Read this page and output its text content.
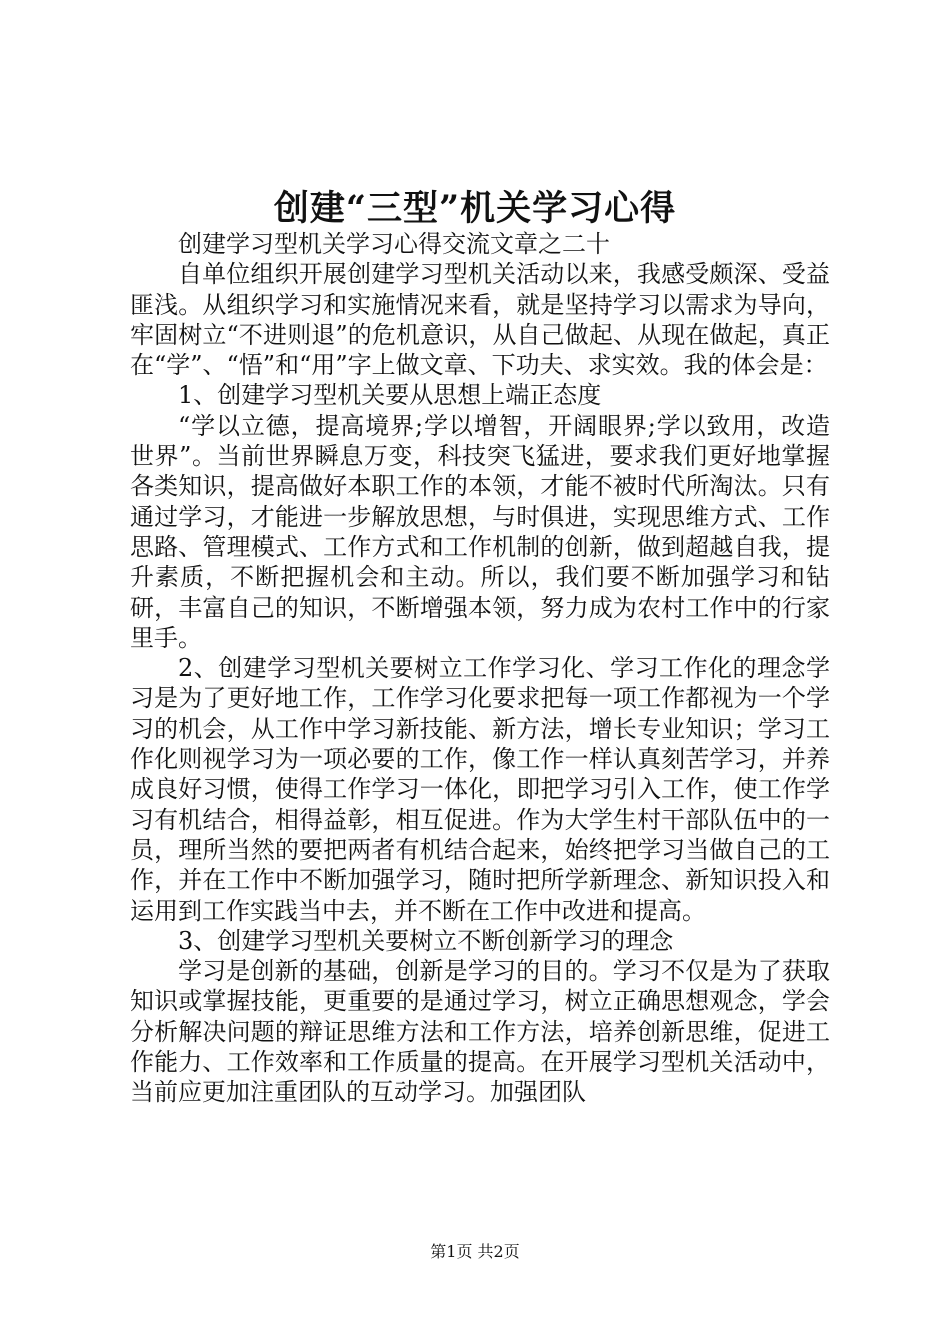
创建“三型”机关学习心得

创建学习型机关学习心得交流文章之二十

自单位组织开展创建学习型机关活动以来，我感受颇深、受益匪浅。从组织学习和实施情况来看，就是坚持学习以需求为导向，牢固树立“不进则退”的危机意识，从自己做起、从现在做起，真正在“学”、“悟”和“用”字上做文章、下功夫、求实效。我的体会是：

1、创建学习型机关要从思想上端正态度

“学以立德，提高境界;学以增智，开阔眼界;学以致用，改造世界”。当前世界瞬息万变，科技突飞猛进，要求我们更好地掌握各类知识，提高做好本职工作的本领，才能不被时代所淘汰。只有通过学习，才能进一步解放思想，与时俱进，实现思维方式、工作思路、管理模式、工作方式和工作机制的创新，做到超越自我，提升素质，不断把握机会和主动。所以，我们要不断加强学习和钻研，丰富自己的知识，不断增强本领，努力成为农村工作中的行家里手。

2、创建学习型机关要树立工作学习化、学习工作化的理念学习是为了更好地工作，工作学习化要求把每一项工作都视为一个学习的机会，从工作中学习新技能、新方法，增长专业知识；学习工作化则视学习为一项必要的工作，像工作一样认真刻苦学习，并养成良好习惯，使得工作学习一体化，即把学习引入工作，使工作学习有机结合，相得益彰，相互促进。作为大学生村干部队伍中的一员，理所当然的要把两者有机结合起来，始终把学习当做自己的工作，并在工作中不断加强学习，随时把所学新理念、新知识投入和运用到工作实践当中去，并不断在工作中改进和提高。

3、创建学习型机关要树立不断创新学习的理念

学习是创新的基础，创新是学习的目的。学习不仅是为了获取知识或掌握技能，更重要的是通过学习，树立正确思想观念，学会分析解决问题的辩证思维方法和工作方法，培养创新思维，促进工作能力、工作效率和工作质量的提高。在开展学习型机关活动中，当前应更加注重团队的互动学习。加强团队

第1页 共2页
